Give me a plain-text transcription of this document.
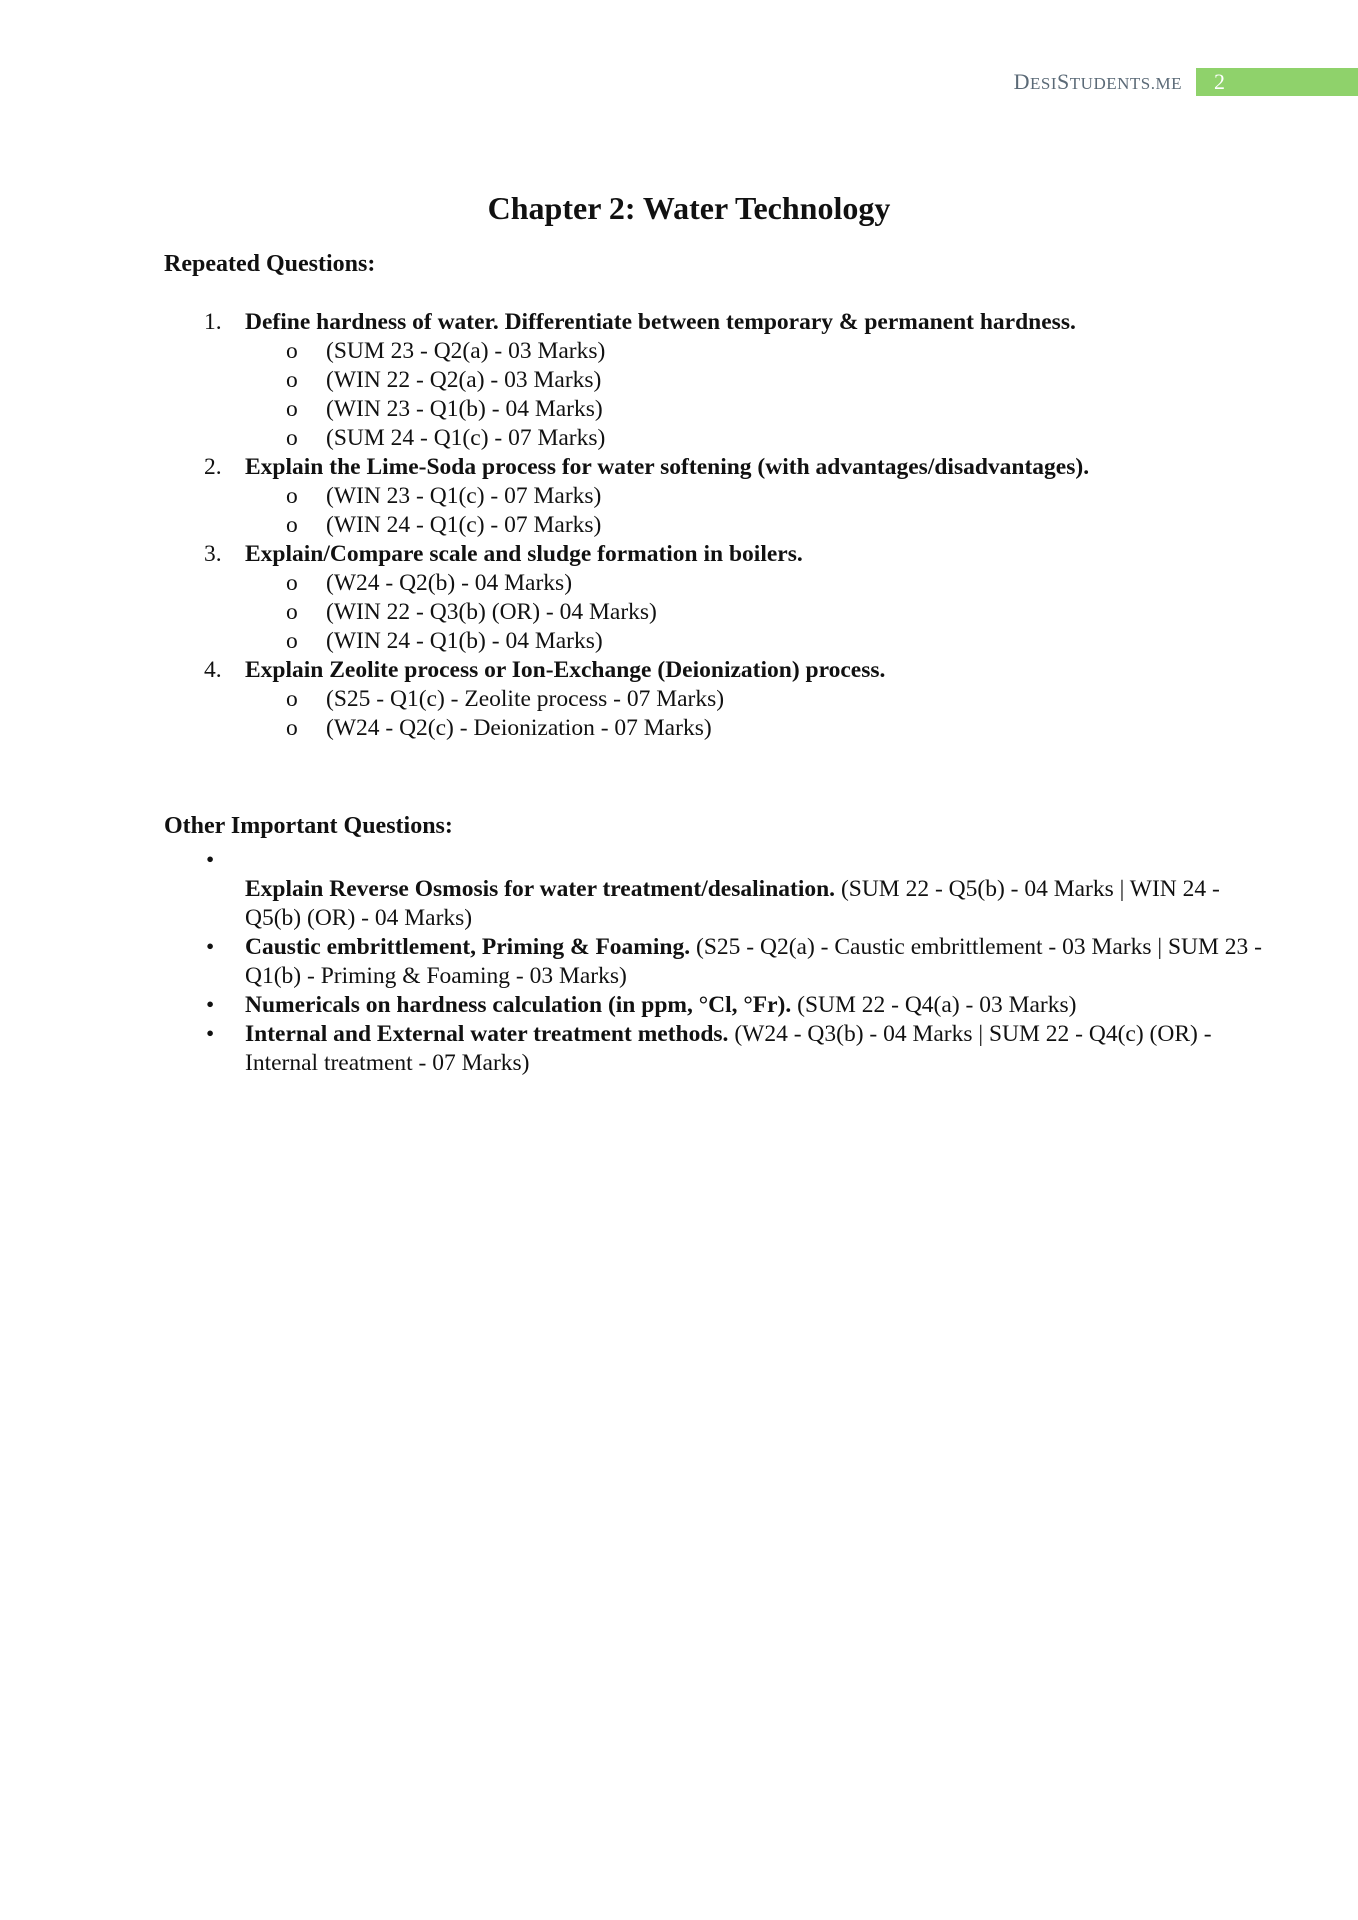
DESISTUDENTS.ME 2
Chapter 2: Water Technology

Repeated Questions:

1. Define hardness of water. Differentiate between temporary & permanent hardness.
o (SUM 23 - Q2(a) - 03 Marks)
o (WIN 22 - Q2(a) - 03 Marks)
o (WIN 23 - Q1(b) - 04 Marks)
o (SUM 24 - Q1(c) - 07 Marks)
2. Explain the Lime-Soda process for water softening (with advantages/disadvantages).
o (WIN 23 - Q1(c) - 07 Marks)
o (WIN 24 - Q1(c) - 07 Marks)
3. Explain/Compare scale and sludge formation in boilers.
o (W24 - Q2(b) - 04 Marks)
o (WIN 22 - Q3(b) (OR) - 04 Marks)
o (WIN 24 - Q1(b) - 04 Marks)
4. Explain Zeolite process or Ion-Exchange (Deionization) process.
o (S25 - Q1(c) - Zeolite process - 07 Marks)
o (W24 - Q2(c) - Deionization - 07 Marks)

Other Important Questions:

•
Explain Reverse Osmosis for water treatment/desalination. (SUM 22 - Q5(b) - 04 Marks | WIN 24 - Q5(b) (OR) - 04 Marks)
• Caustic embrittlement, Priming & Foaming. (S25 - Q2(a) - Caustic embrittlement - 03 Marks | SUM 23 - Q1(b) - Priming & Foaming - 03 Marks)
• Numericals on hardness calculation (in ppm, °Cl, °Fr). (SUM 22 - Q4(a) - 03 Marks)
• Internal and External water treatment methods. (W24 - Q3(b) - 04 Marks | SUM 22 - Q4(c) (OR) - Internal treatment - 07 Marks)
